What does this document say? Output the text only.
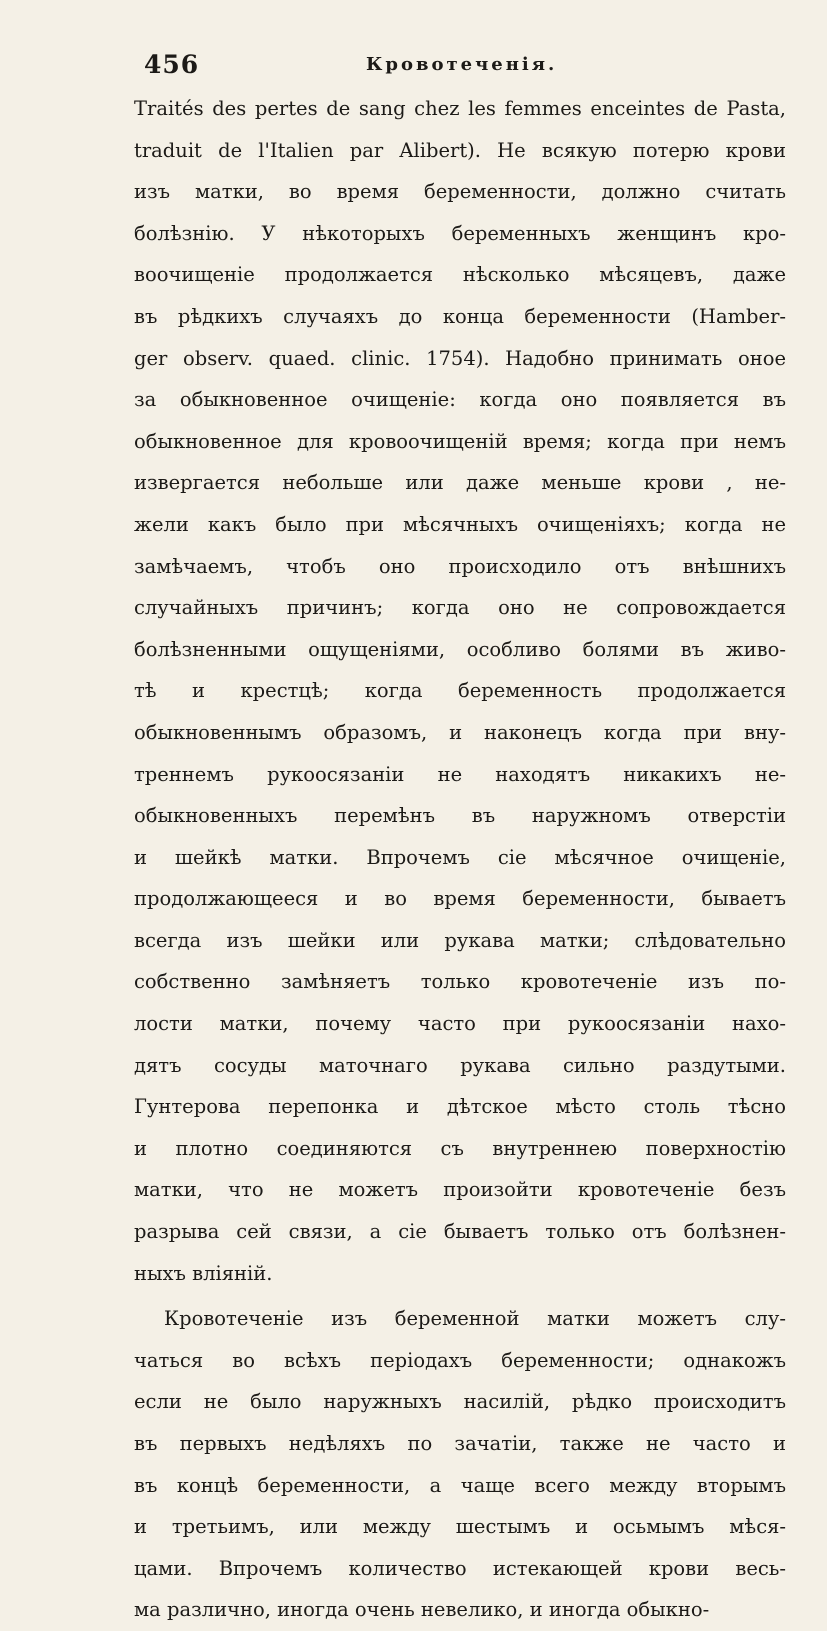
456	Кровотеченія.
Traités des pertes de sang chez les femmes enceintes de Pasta,
traduit de l'Italien par Alibert). Не всякую потерю крови
изъ матки, во время беременности, должно считать
болѣзнію. У нѣкоторыхъ беременныхъ женщинъ кро-
воочищеніе продолжается нѣсколько мѣсяцевъ, даже
въ рѣдкихъ случаяхъ до конца беременности (Hamber-
ger observ. quaed. clinic. 1754). Надобно принимать оное
за обыкновенное очищеніе: когда оно появляется въ
обыкновенное для кровоочищеній время; когда при немъ
извергается небольше или даже меньше крови , не-
жели какъ было при мѣсячныхъ очищеніяхъ; когда не
замѣчаемъ, чтобъ оно происходило отъ внѣшнихъ
случайныхъ причинъ; когда оно не сопровождается
болѣзненными ощущеніями, особливо болями въ живо-
тѣ и крестцѣ; когда беременность продолжается
обыкновеннымъ образомъ, и наконецъ когда при вну-
треннемъ рукоосязаніи не находятъ никакихъ не-
обыкновенныхъ перемѣнъ въ наружномъ отверстіи
и шейкѣ матки. Впрочемъ сіе мѣсячное очищеніе,
продолжающееся и во время беременности, бываетъ
всегда изъ шейки или рукава матки; слѣдовательно
собственно замѣняетъ только кровотеченіе изъ по-
лости матки, почему часто при рукоосязаніи нахо-
дятъ сосуды маточнаго рукава сильно раздутыми.
Гунтерова перепонка и дѣтское мѣсто столь тѣсно
и плотно соединяются съ внутреннею поверхностію
матки, что не можетъ произойти кровотеченіе безъ
разрыва сей связи, а сіе бываетъ только отъ болѣзнен-
ныхъ вліяній.
Кровотеченіе изъ беременной матки можетъ слу-
чаться во всѣхъ періодахъ беременности; однакожъ
если не было наружныхъ насилій, рѣдко происходитъ
въ первыхъ недѣляхъ по зачатіи, также не часто и
въ концѣ беременности, а чаще всего между вторымъ
и третьимъ, или между шестымъ и осьмымъ мѣся-
цами. Впрочемъ количество истекающей крови весь-
ма различно, иногда очень невелико, и иногда обыкно-
